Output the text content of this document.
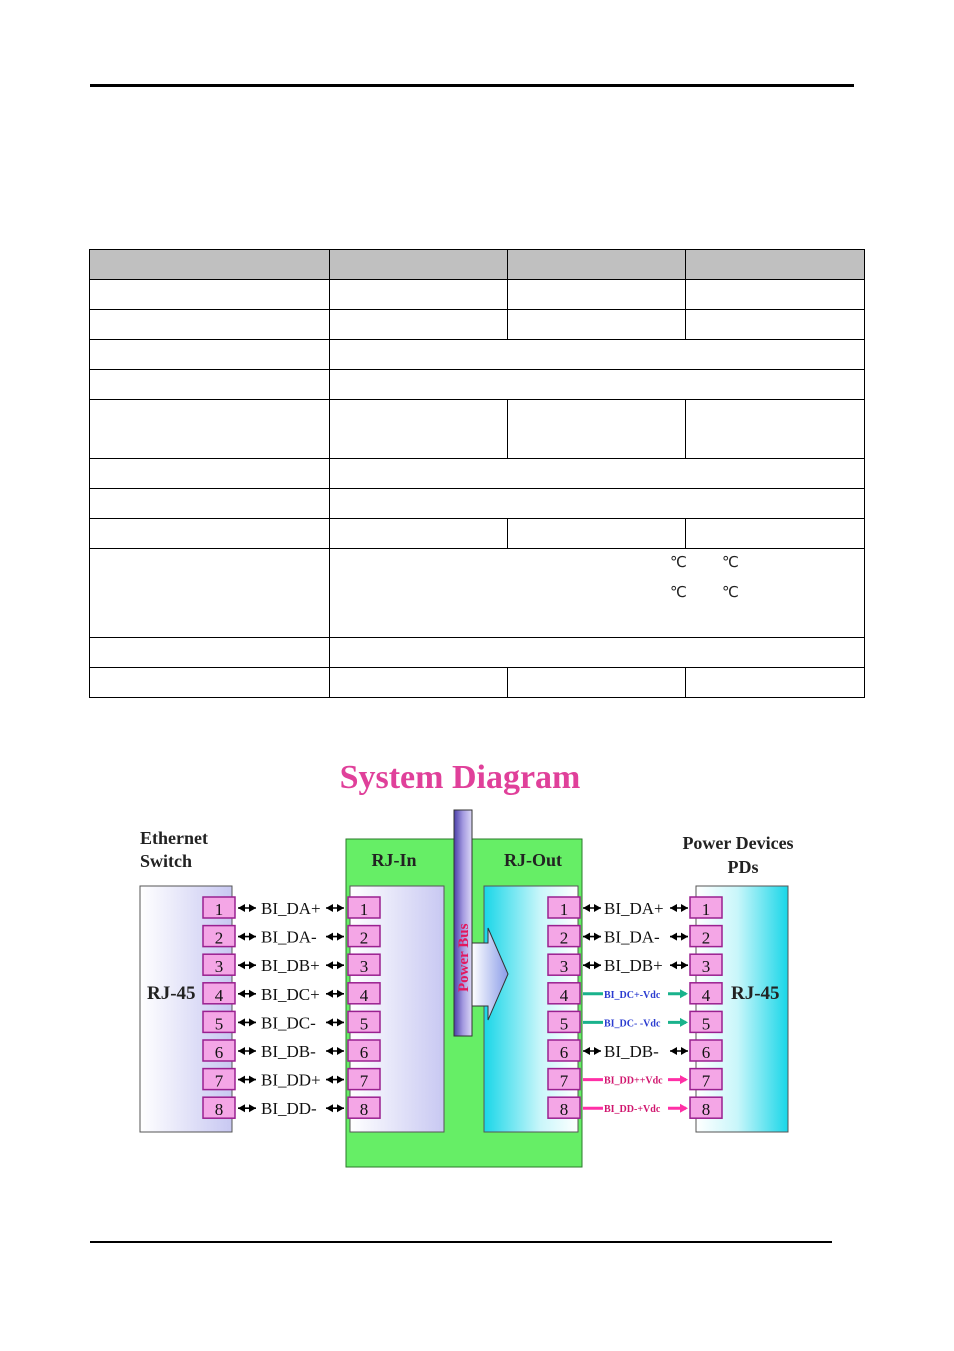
	℃ ℃
℃ ℃		

System Diagram
Ethernet
Switch
Power Devices
PDs
RJ-45
RJ-In	RJ-Out
Power Bus
RJ-45
1	1	1	1
BI_DA+	BI_DA+
2	2	2	2
BI_DA-	BI_DA-
3	3	3	3
BI_DB+	BI_DB+
4	4	4	4
BI_DC+	BI_DC+-Vdc
5	5	5	5
BI_DC-	BI_DC- -Vdc
6	6	6	6
BI_DB-	BI_DB-
7	7	7	7
BI_DD+	BI_DD++Vdc
8	8	8	8
BI_DD-	BI_DD-+Vdc
